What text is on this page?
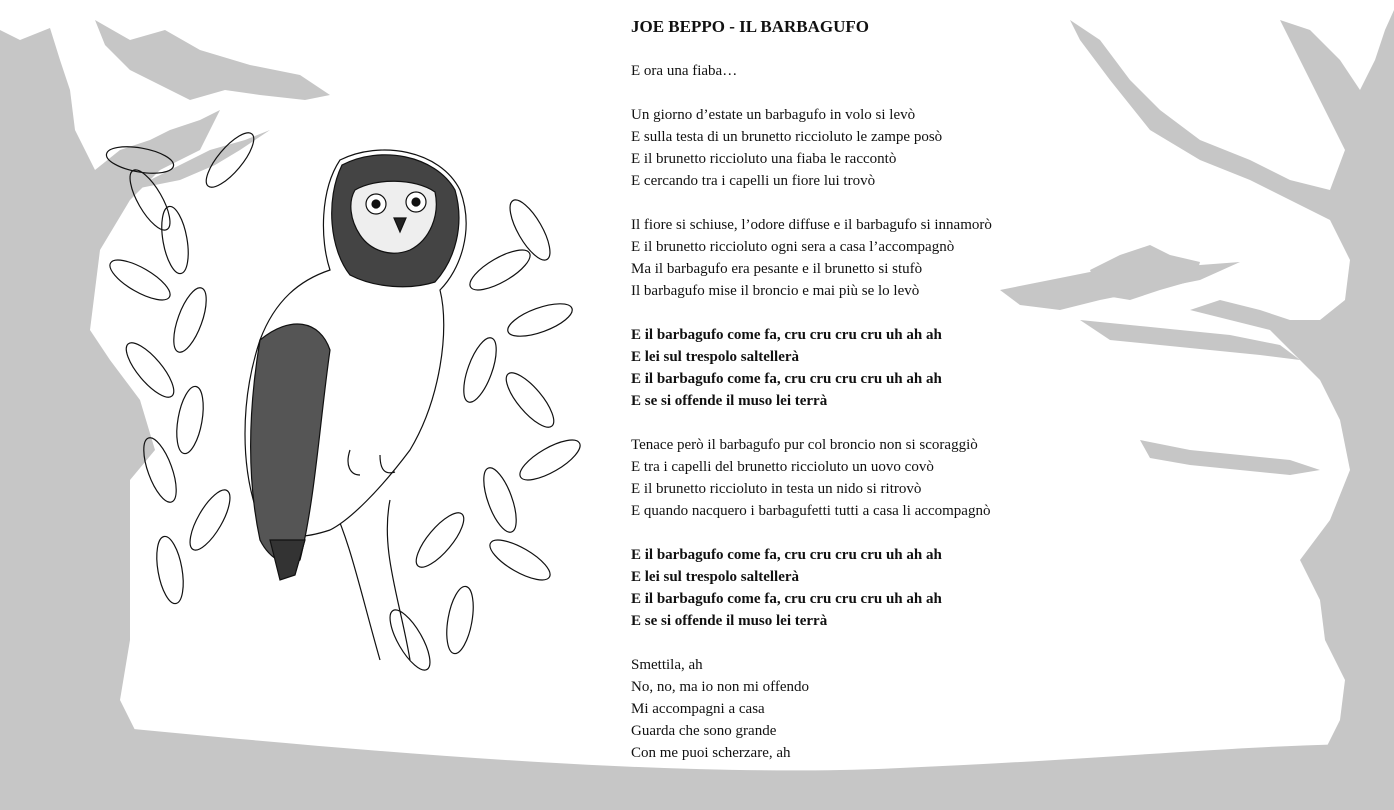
JOE BEPPO - IL BARBAGUFO
E ora una fiaba…
Un giorno d’estate un barbagufo in volo si levò
E sulla testa di un brunetto riccioluto le zampe posò
E il brunetto riccioluto una fiaba le raccontò
E cercando tra i capelli un fiore lui trovò
Il fiore si schiuse, l’odore diffuse e il barbagufo si innamorò
E il brunetto riccioluto ogni sera a casa l’accompagnò
Ma il barbagufo era pesante e il brunetto si stufò
Il barbagufo mise il broncio e mai più se lo levò
E il barbagufo come fa, cru cru cru cru uh ah ah
E lei sul trespolo saltellerà
E il barbagufo come fa, cru cru cru cru uh ah ah
E se si offende il muso lei terrà
Tenace però il barbagufo pur col broncio non si scoraggiò
E tra i capelli del brunetto riccioluto un uovo covò
E il brunetto riccioluto in testa un nido si ritrovò
E quando nacquero i barbagufetti tutti a casa li accompagnò
E il barbagufo come fa, cru cru cru cru uh ah ah
E lei sul trespolo saltellerà
E il barbagufo come fa, cru cru cru cru uh ah ah
E se si offende il muso lei terrà
Smettila, ah
No, no, ma io non mi offendo
Mi accompagni a casa
Guarda che sono grande
Con me puoi scherzare, ah
